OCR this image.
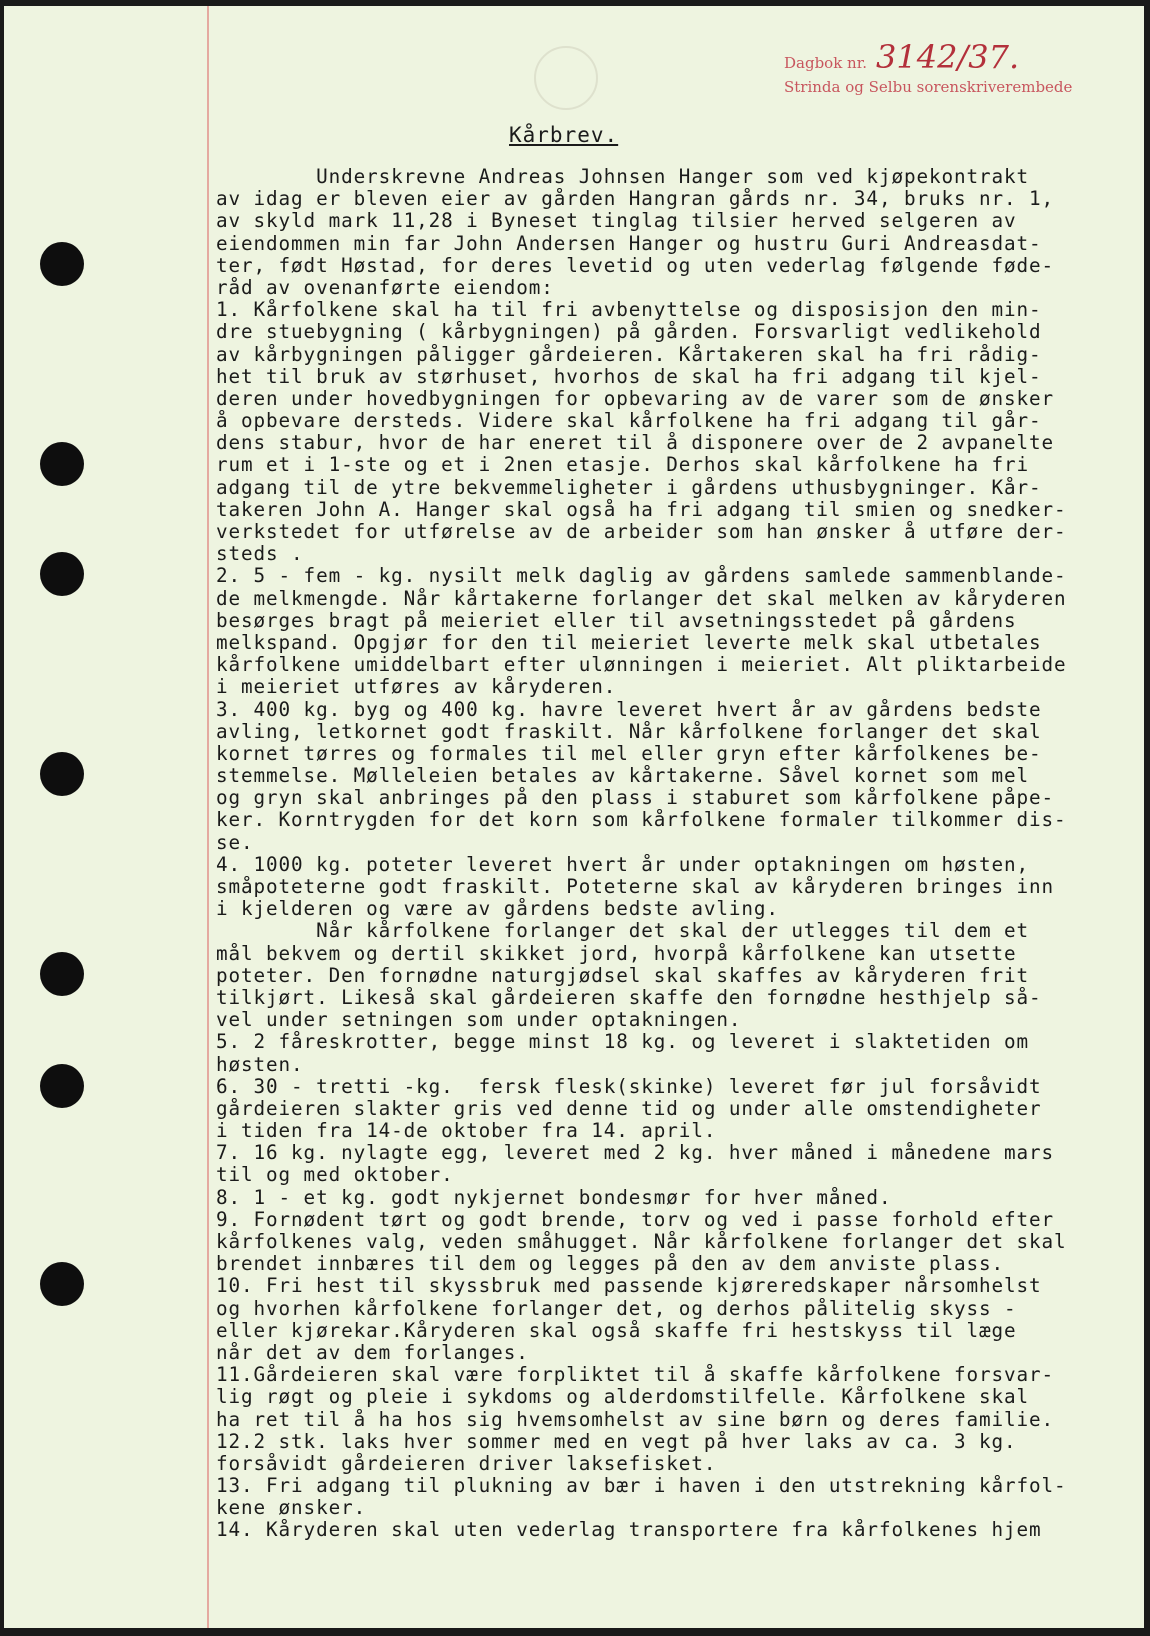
Dagbok nr. 3142/37.
Strinda og Selbu sorenskriverembede
Kårbrev.
Underskrevne Andreas Johnsen Hanger som ved kjøpekontrakt
av idag er bleven eier av gården Hangran gårds nr. 34, bruks nr. 1,
av skyld mark 11,28 i Byneset tinglag tilsier herved selgeren av
eiendommen min far John Andersen Hanger og hustru Guri Andreasdat-
ter, født Høstad, for deres levetid og uten vederlag følgende føde-
råd av ovenanførte eiendom:
1. Kårfolkene skal ha til fri avbenyttelse og disposisjon den min-
dre stuebygning ( kårbygningen) på gården. Forsvarligt vedlikehold
av kårbygningen påligger gårdeieren. Kårtakeren skal ha fri rådig-
het til bruk av størhuset, hvorhos de skal ha fri adgang til kjel-
deren under hovedbygningen for opbevaring av de varer som de ønsker
å opbevare dersteds. Videre skal kårfolkene ha fri adgang til går-
dens stabur, hvor de har eneret til å disponere over de 2 avpanelte
rum et i 1-ste og et i 2nen etasje. Derhos skal kårfolkene ha fri
adgang til de ytre bekvemmeligheter i gårdens uthusbygninger. Kår-
takeren John A. Hanger skal også ha fri adgang til smien og snedker-
verkstedet for utførelse av de arbeider som han ønsker å utføre der-
steds .
2. 5 - fem - kg. nysilt melk daglig av gårdens samlede sammenblande-
de melkmengde. Når kårtakerne forlanger det skal melken av kåryderen
besørges bragt på meieriet eller til avsetningsstedet på gårdens
melkspand. Opgjør for den til meieriet leverte melk skal utbetales
kårfolkene umiddelbart efter ulønningen i meieriet. Alt pliktarbeide
i meieriet utføres av kåryderen.
3. 400 kg. byg og 400 kg. havre leveret hvert år av gårdens bedste
avling, letkornet godt fraskilt. Når kårfolkene forlanger det skal
kornet tørres og formales til mel eller gryn efter kårfolkenes be-
stemmelse. Mølleleien betales av kårtakerne. Såvel kornet som mel
og gryn skal anbringes på den plass i staburet som kårfolkene påpe-
ker. Korntrygden for det korn som kårfolkene formaler tilkommer dis-
se.
4. 1000 kg. poteter leveret hvert år under optakningen om høsten,
småpoteterne godt fraskilt. Poteterne skal av kåryderen bringes inn
i kjelderen og være av gårdens bedste avling.
Når kårfolkene forlanger det skal der utlegges til dem et
mål bekvem og dertil skikket jord, hvorpå kårfolkene kan utsette
poteter. Den fornødne naturgjødsel skal skaffes av kåryderen frit
tilkjørt. Likeså skal gårdeieren skaffe den fornødne hesthjelp så-
vel under setningen som under optakningen.
5. 2 fåreskrotter, begge minst 18 kg. og leveret i slaktetiden om
høsten.
6. 30 - tretti -kg.  fersk flesk(skinke) leveret før jul forsåvidt
gårdeieren slakter gris ved denne tid og under alle omstendigheter
i tiden fra 14-de oktober fra 14. april.
7. 16 kg. nylagte egg, leveret med 2 kg. hver måned i månedene mars
til og med oktober.
8. 1 - et kg. godt nykjernet bondesmør for hver måned.
9. Fornødent tørt og godt brende, torv og ved i passe forhold efter
kårfolkenes valg, veden småhugget. Når kårfolkene forlanger det skal
brendet innbæres til dem og legges på den av dem anviste plass.
10. Fri hest til skyssbruk med passende kjøreredskaper nårsomhelst
og hvorhen kårfolkene forlanger det, og derhos pålitelig skyss -
eller kjørekar.Kåryderen skal også skaffe fri hestskyss til læge
når det av dem forlanges.
11.Gårdeieren skal være forpliktet til å skaffe kårfolkene forsvar-
lig røgt og pleie i sykdoms og alderdomstilfelle. Kårfolkene skal
ha ret til å ha hos sig hvemsomhelst av sine børn og deres familie.
12.2 stk. laks hver sommer med en vegt på hver laks av ca. 3 kg.
forsåvidt gårdeieren driver laksefisket.
13. Fri adgang til plukning av bær i haven i den utstrekning kårfol-
kene ønsker.
14. Kåryderen skal uten vederlag transportere fra kårfolkenes hjem
